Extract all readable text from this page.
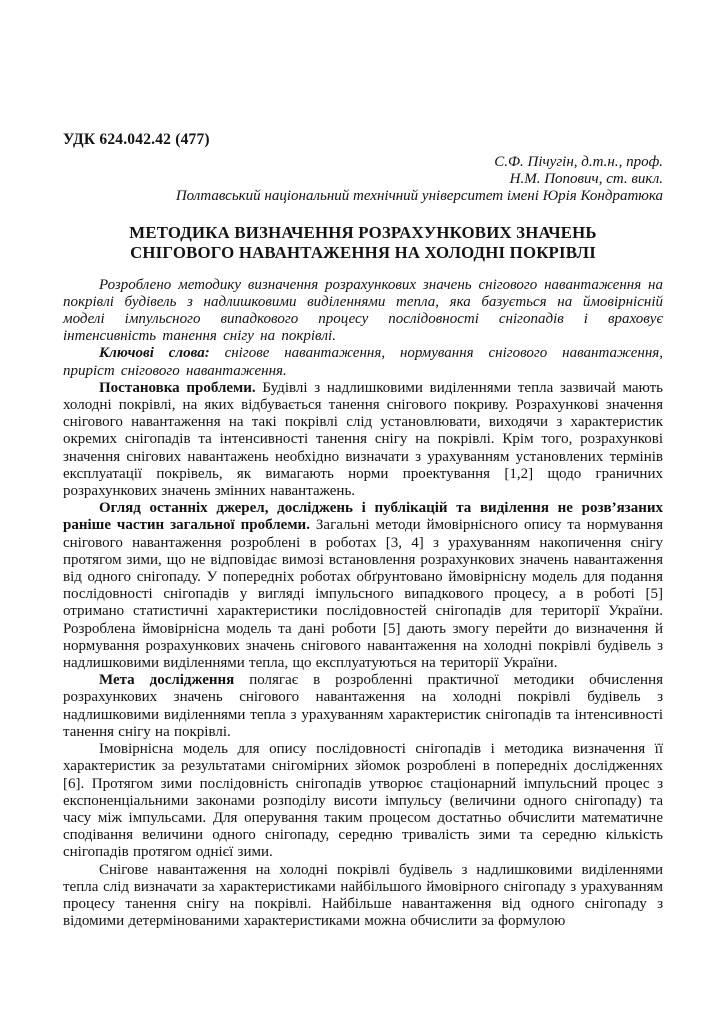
УДК 624.042.42 (477)
С.Ф. Пічугін, д.т.н., проф.
Н.М. Попович, ст. викл.
Полтавський національний технічний університет імені Юрія Кондратюка
МЕТОДИКА ВИЗНАЧЕННЯ РОЗРАХУНКОВИХ ЗНАЧЕНЬ
СНІГОВОГО НАВАНТАЖЕННЯ НА ХОЛОДНІ ПОКРІВЛІ

Розроблено методику визначення розрахункових значень снігового навантаження на покрівлі будівель з надлишковими виділеннями тепла, яка базується на ймовірнісній моделі імпульсного випадкового процесу послідовності снігопадів і враховує інтенсивність танення снігу на покрівлі.

Ключові слова: снігове навантаження, нормування снігового навантаження, приріст снігового навантаження.

Постановка проблеми. Будівлі з надлишковими виділеннями тепла зазвичай мають холодні покрівлі, на яких відбувається танення снігового покриву. Розрахункові значення снігового навантаження на такі покрівлі слід установлювати, виходячи з характеристик окремих снігопадів та інтенсивності танення снігу на покрівлі. Крім того, розрахункові значення снігових навантажень необхідно визначати з урахуванням установлених термінів експлуатації покрівель, як вимагають норми проектування [1,2] щодо граничних розрахункових значень змінних навантажень.

Огляд останніх джерел, досліджень і публікацій та виділення не розв’язаних раніше частин загальної проблеми. Загальні методи ймовірнісного опису та нормування снігового навантаження розроблені в роботах [3, 4] з урахуванням накопичення снігу протягом зими, що не відповідає вимозі встановлення розрахункових значень навантаження від одного снігопаду. У попередніх роботах обґрунтовано ймовірнісну модель для подання послідовності снігопадів у вигляді імпульсного випадкового процесу, а в роботі [5] отримано статистичні характеристики послідовностей снігопадів для території України. Розроблена ймовірнісна модель та дані роботи [5] дають змогу перейти до визначення й нормування розрахункових значень снігового навантаження на холодні покрівлі будівель з надлишковими виділеннями тепла, що експлуатуються на території України.

Мета дослідження полягає в розробленні практичної методики обчислення розрахункових значень снігового навантаження на холодні покрівлі будівель з надлишковими виділеннями тепла з урахуванням характеристик снігопадів та інтенсивності танення снігу на покрівлі.

Імовірнісна модель для опису послідовності снігопадів і методика визначення її характеристик за результатами снігомірних зйомок розроблені в попередніх дослідженнях [6]. Протягом зими послідовність снігопадів утворює стаціонарний імпульсний процес з експоненціальними законами розподілу висоти імпульсу (величини одного снігопаду) та часу між імпульсами. Для оперування таким процесом достатньо обчислити математичне сподівання величини одного снігопаду, середню тривалість зими та середню кількість снігопадів протягом однієї зими.

Снігове навантаження на холодні покрівлі будівель з надлишковими виділеннями тепла слід визначати за характеристиками найбільшого ймовірного снігопаду з урахуванням процесу танення снігу на покрівлі. Найбільше навантаження від одного снігопаду з відомими детермінованими характеристиками можна обчислити за формулою
